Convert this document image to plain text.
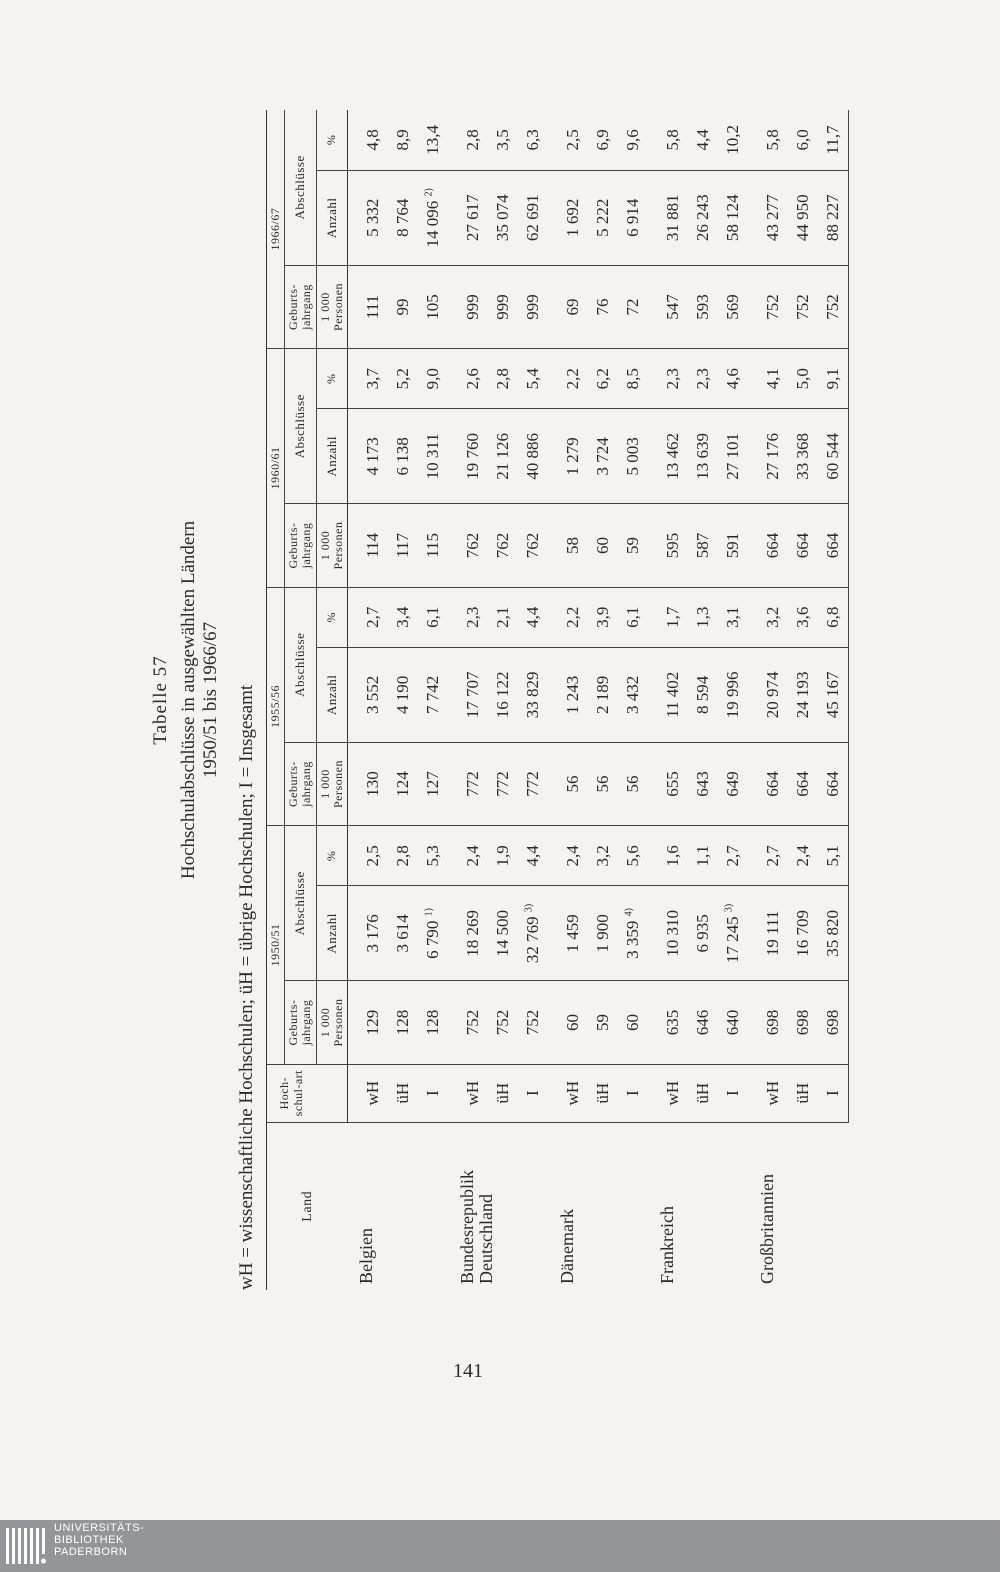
Tabelle 57 Hochschulabschlüsse in ausgewählten Ländern 1950/51 bis 1966/67 wH = wissenschaftliche Hochschulen; üH = übrige Hochschulen; I = Insgesamt	Land	Hoch-schul-art	1950/51			1955/56			1960/61			1966/67		
		Geburts-jahrgang	Abschlüsse		Geburts-jahrgang	Abschlüsse		Geburts-jahrgang	Abschlüsse		Geburts-jahrgang	Abschlüsse	
		1 000 Personen	Anzahl	%	1 000 Personen	Anzahl	%	1 000 Personen	Anzahl	%	1 000 Personen	Anzahl	%
Belgien	wH	129	3 176	2,5	130	3 552	2,7	114	4 173	3,7	111	5 332	4,8
	üH	128	3 614	2,8	124	4 190	3,4	117	6 138	5,2	99	8 764	8,9
	I	128	6 790 $^{1)}$	5,3	127	7 742	6,1	115	10 311	9,0	105	14 096 $^{2)}$	13,4
Bundesrepublik Deutschland	wH	752	18 269	2,4	772	17 707	2,3	762	19 760	2,6	999	27 617	2,8
	üH	752	14 500	1,9	772	16 122	2,1	762	21 126	2,8	999	35 074	3,5
	I	752	32 769 $^{3)}$	4,4	772	33 829	4,4	762	40 886	5,4	999	62 691	6,3
Dänemark	wH	60	1 459	2,4	56	1 243	2,2	58	1 279	2,2	69	1 692	2,5
	üH	59	1 900	3,2	56	2 189	3,9	60	3 724	6,2	76	5 222	6,9
	I	60	3 359 $^{4)}$	5,6	56	3 432	6,1	59	5 003	8,5	72	6 914	9,6
Frankreich	wH	635	10 310	1,6	655	11 402	1,7	595	13 462	2,3	547	31 881	5,8
	üH	646	6 935	1,1	643	8 594	1,3	587	13 639	2,3	593	26 243	4,4
	I	640	17 245 $^{3)}$	2,7	649	19 996	3,1	591	27 101	4,6	569	58 124	10,2
Großbritannien	wH	698	19 111	2,7	664	20 974	3,2	664	27 176	4,1	752	43 277	5,8
	üH	698	16 709	2,4	664	24 193	3,6	664	33 368	5,0	752	44 950	6,0
	I	698	35 820	5,1	664	45 167	6,8	664	60 544	9,1	752	88 227	11,7
141
UNIVERSITÄTS-
BIBLIOTHEK
PADERBORN
